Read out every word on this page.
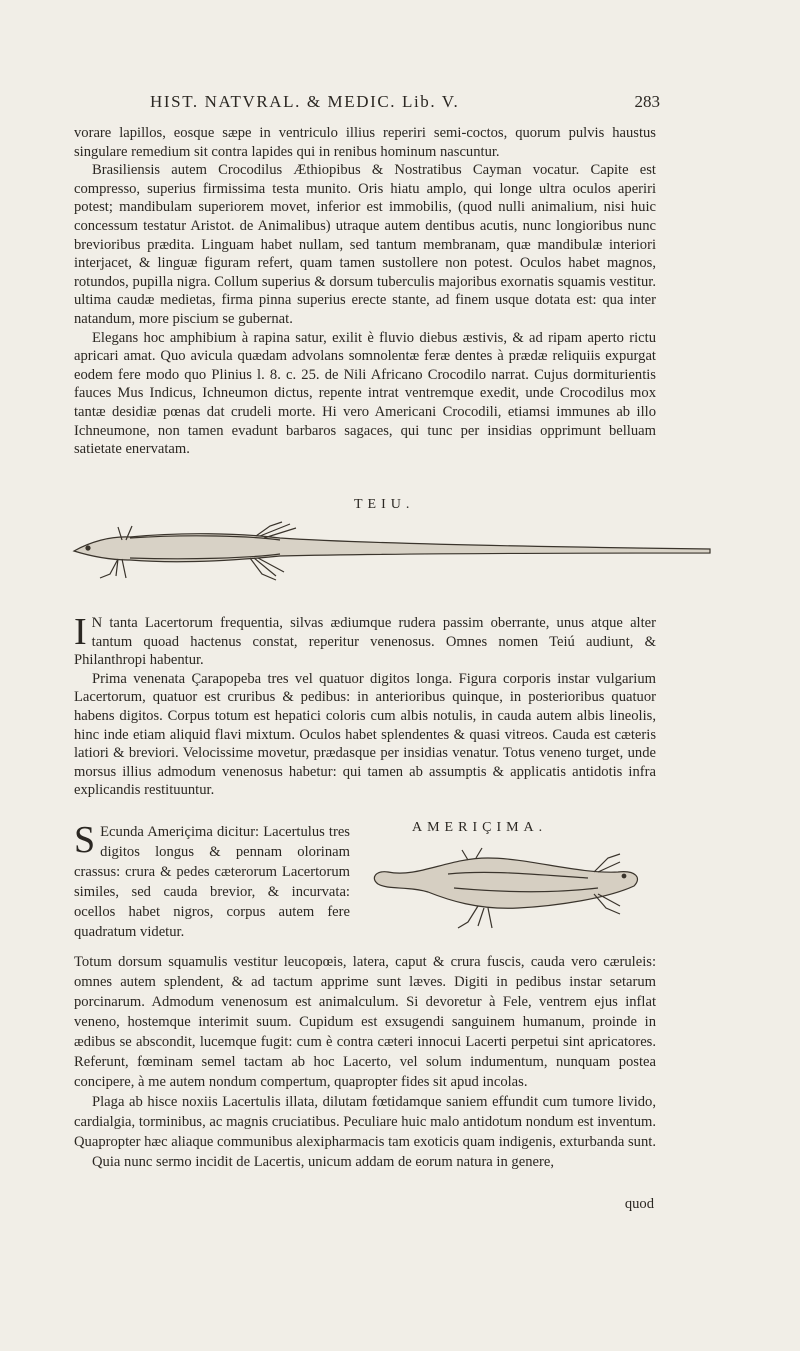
HIST. NATVRAL. & MEDIC. Lib. V.	283

vorare lapillos, eosque sæpe in ventriculo illius reperiri semi-coctos, quorum pulvis haustus singulare remedium sit contra lapides qui in renibus hominum nascuntur.

Brasiliensis autem Crocodilus Æthiopibus & Nostratibus Cayman vocatur. Capite est compresso, superius firmissima testa munito. Oris hiatu amplo, qui longe ultra oculos aperiri potest; mandibulam superiorem movet, inferior est immobilis, (quod nulli animalium, nisi huic concessum testatur Aristot. de Animalibus) utraque autem dentibus acutis, nunc longioribus nunc brevioribus prædita. Linguam habet nullam, sed tantum membranam, quæ mandibulæ interiori interjacet, & linguæ figuram refert, quam tamen sustollere non potest. Oculos habet magnos, rotundos, pupilla nigra. Collum superius & dorsum tuberculis majoribus exornatis squamis vestitur. ultima caudæ medietas, firma pinna superius erecte stante, ad finem usque dotata est: qua inter natandum, more piscium se gubernat.

Elegans hoc amphibium à rapina satur, exilit è fluvio diebus æstivis, & ad ripam aperto rictu apricari amat. Quo avicula quædam advolans somnolentæ feræ dentes à prædæ reliquiis expurgat eodem fere modo quo Plinius l. 8. c. 25. de Nili Africano Crocodilo narrat. Cujus dormiturientis fauces Mus Indicus, Ichneumon dictus, repente intrat ventremque exedit, unde Crocodilus mox tantæ desidiæ pœnas dat crudeli morte. Hi vero Americani Crocodili, etiamsi immunes ab illo Ichneumone, non tamen evadunt barbaros sagaces, qui tunc per insidias opprimunt belluam satietate enervatam.

TEIU.

I N tanta Lacertorum frequentia, silvas ædiumque rudera passim oberrante, unus atque alter tantum quoad hactenus constat, reperitur venenosus. Omnes nomen Teiú audiunt, & Philanthropi habentur.

Prima venenata Çarapopeba tres vel quatuor digitos longa. Figura corporis instar vulgarium Lacertorum, quatuor est cruribus & pedibus: in anterioribus quinque, in posterioribus quatuor habens digitos. Corpus totum est hepatici coloris cum albis notulis, in cauda autem albis lineolis, hinc inde etiam aliquid flavi mixtum. Oculos habet splendentes & quasi vitreos. Cauda est cæteris latiori & breviori. Velocissime movetur, prædasque per insidias venatur. Totus veneno turget, unde morsus illius admodum venenosus habetur: qui tamen ab assumptis & applicatis antidotis infra explicandis restituuntur.

AMERIÇIMA.
S Ecunda Ameriçima dicitur: Lacertulus tres digitos longus & pennam olorinam crassus: crura & pedes cæterorum Lacertorum similes, sed cauda brevior, & incurvata: ocellos habet nigros, corpus autem fere quadratum videtur.

Totum dorsum squamulis vestitur leucopœis, latera, caput & crura fuscis, cauda vero cæruleis: omnes autem splendent, & ad tactum apprime sunt læves. Digiti in pedibus instar setarum porcinarum. Admodum venenosum est animalculum. Si devoretur à Fele, ventrem ejus inflat veneno, hostemque interimit suum. Cupidum est exsugendi sanguinem humanum, proinde in ædibus se abscondit, lucemque fugit: cum è contra cæteri innocui Lacerti perpetui sint apricatores. Referunt, fœminam semel tactam ab hoc Lacerto, vel solum indumentum, nunquam postea concipere, à me autem nondum compertum, quapropter fides sit apud incolas.

Plaga ab hisce noxiis Lacertulis illata, dilutam fœtidamque saniem effundit cum tumore livido, cardialgia, torminibus, ac magnis cruciatibus. Peculiare huic malo antidotum nondum est inventum. Quapropter hæc aliaque communibus alexipharmacis tam exoticis quam indigenis, exturbanda sunt.

Quia nunc sermo incidit de Lacertis, unicum addam de eorum natura in genere,

quod
